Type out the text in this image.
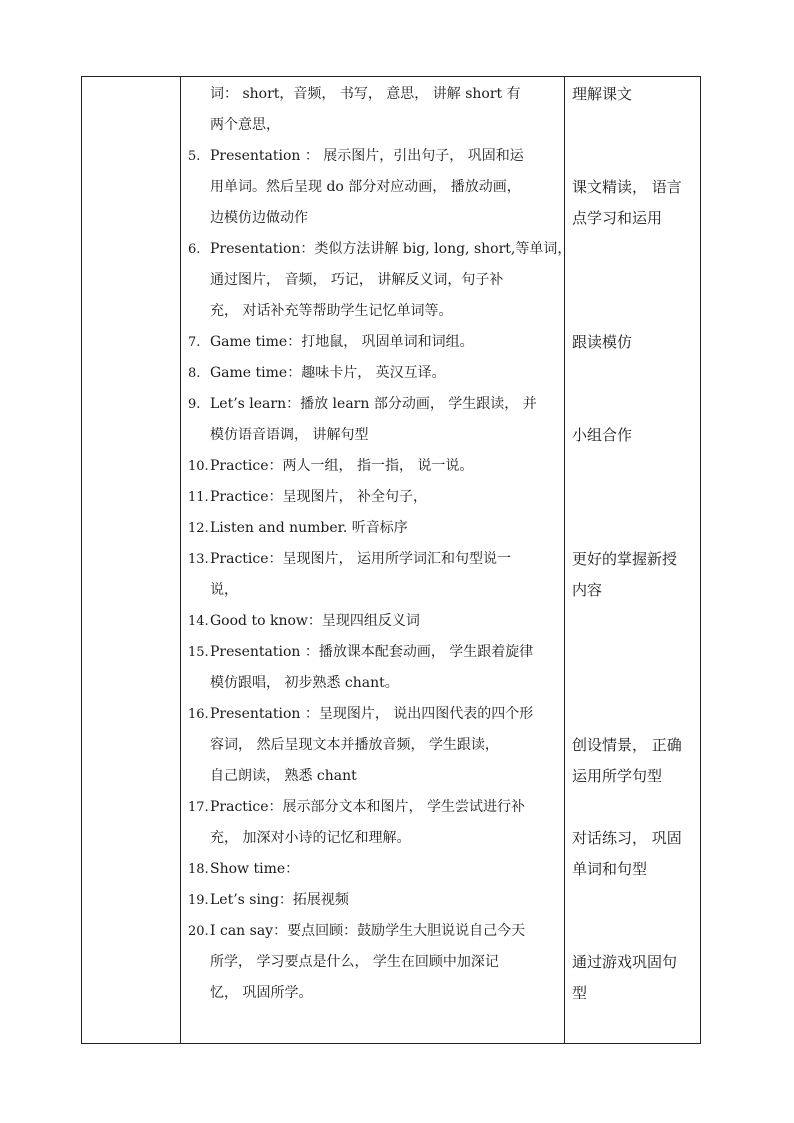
词： short，音频， 书写， 意思， 讲解 short 有
两个意思，
5. Presentation ： 展示图片，引出句子， 巩固和运
用单词。然后呈现 do 部分对应动画， 播放动画，
边模仿边做动作
6. Presentation：类似方法讲解 big, long, short,等单词，
通过图片， 音频， 巧记， 讲解反义词，句子补
充， 对话补充等帮助学生记忆单词等。
7. Game time：打地鼠， 巩固单词和词组。
8. Game time：趣味卡片， 英汉互译。
9. Let’s learn：播放 learn 部分动画， 学生跟读， 并
模仿语音语调， 讲解句型
10. Practice：两人一组， 指一指， 说一说。
11. Practice：呈现图片， 补全句子，
12. Listen and number. 听音标序
13. Practice：呈现图片， 运用所学词汇和句型说一
说，
14. Good to know：呈现四组反义词
15. Presentation ：播放课本配套动画， 学生跟着旋律
模仿跟唱， 初步熟悉 chant。
16. Presentation ：呈现图片， 说出四图代表的四个形
容词， 然后呈现文本并播放音频， 学生跟读，
自己朗读， 熟悉 chant
17. Practice：展示部分文本和图片， 学生尝试进行补
充， 加深对小诗的记忆和理解。
18. Show time：
19. Let’s sing：拓展视频
20. I can say：要点回顾：鼓励学生大胆说说自己今天
所学， 学习要点是什么， 学生在回顾中加深记
忆， 巩固所学。
理解课文
课文精读， 语言
点学习和运用
跟读模仿
小组合作
更好的掌握新授
内容
创设情景， 正确
运用所学句型
对话练习， 巩固
单词和句型
通过游戏巩固句
型
